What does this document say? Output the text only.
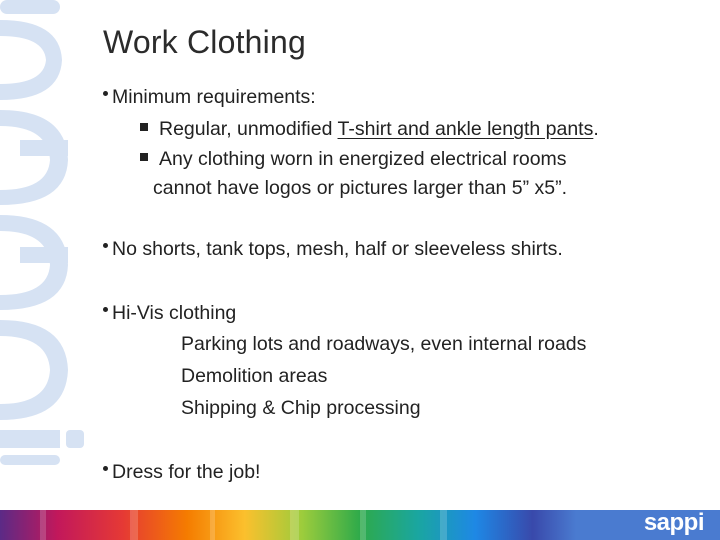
Work Clothing
Minimum requirements:
Regular, unmodified T-shirt and ankle length pants.
Any clothing worn in energized electrical rooms
cannot have logos or pictures larger than 5” x5”.
No shorts, tank tops, mesh, half or sleeveless shirts.
Hi-Vis clothing
Parking lots and roadways, even internal roads
Demolition areas
Shipping & Chip processing
Dress for the job!
sappi
